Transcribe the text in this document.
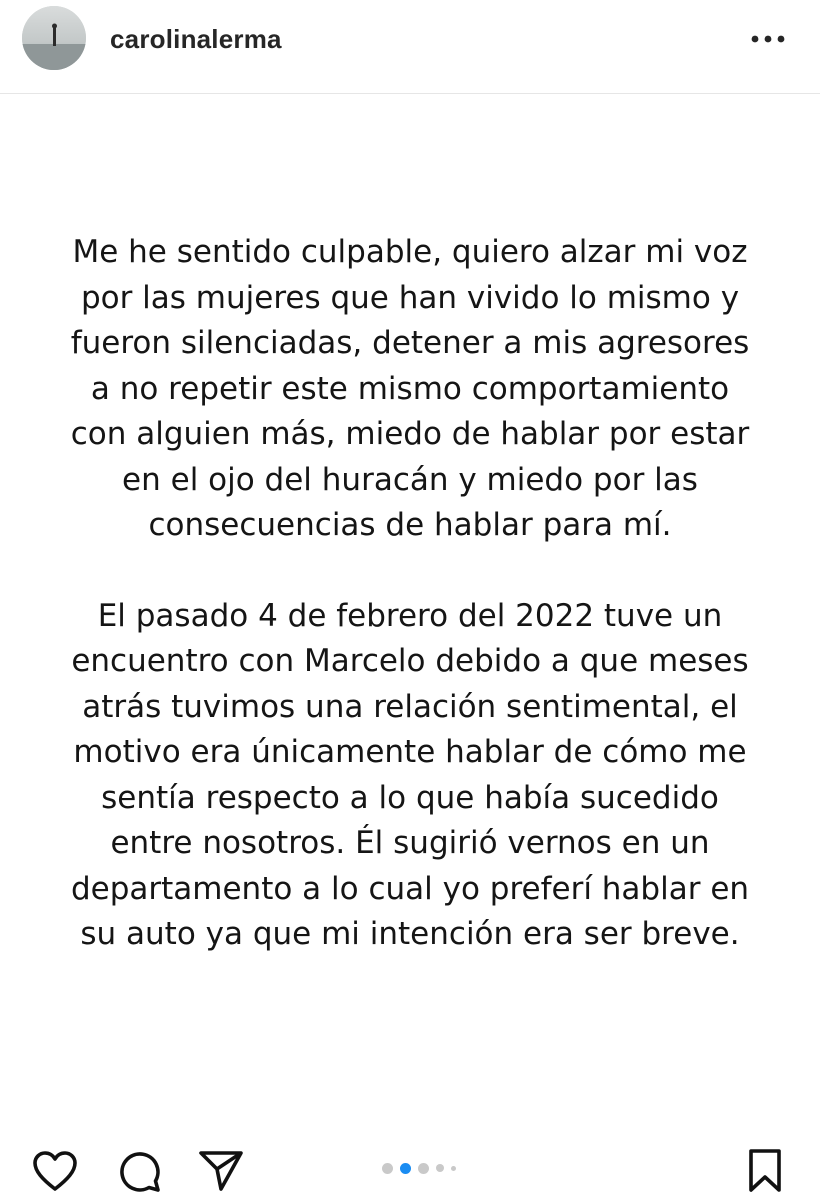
carolinalerma

Me he sentido culpable, quiero alzar mi voz
por las mujeres que han vivido lo mismo y
fueron silenciadas, detener a mis agresores
a no repetir este mismo comportamiento
con alguien más, miedo de hablar por estar
en el ojo del huracán y miedo por las
consecuencias de hablar para mí.

El pasado 4 de febrero del 2022 tuve un
encuentro con Marcelo debido a que meses
atrás tuvimos una relación sentimental, el
motivo era únicamente hablar de cómo me
sentía respecto a lo que había sucedido
entre nosotros. Él sugirió vernos en un
departamento a lo cual yo preferí hablar en
su auto ya que mi intención era ser breve.
